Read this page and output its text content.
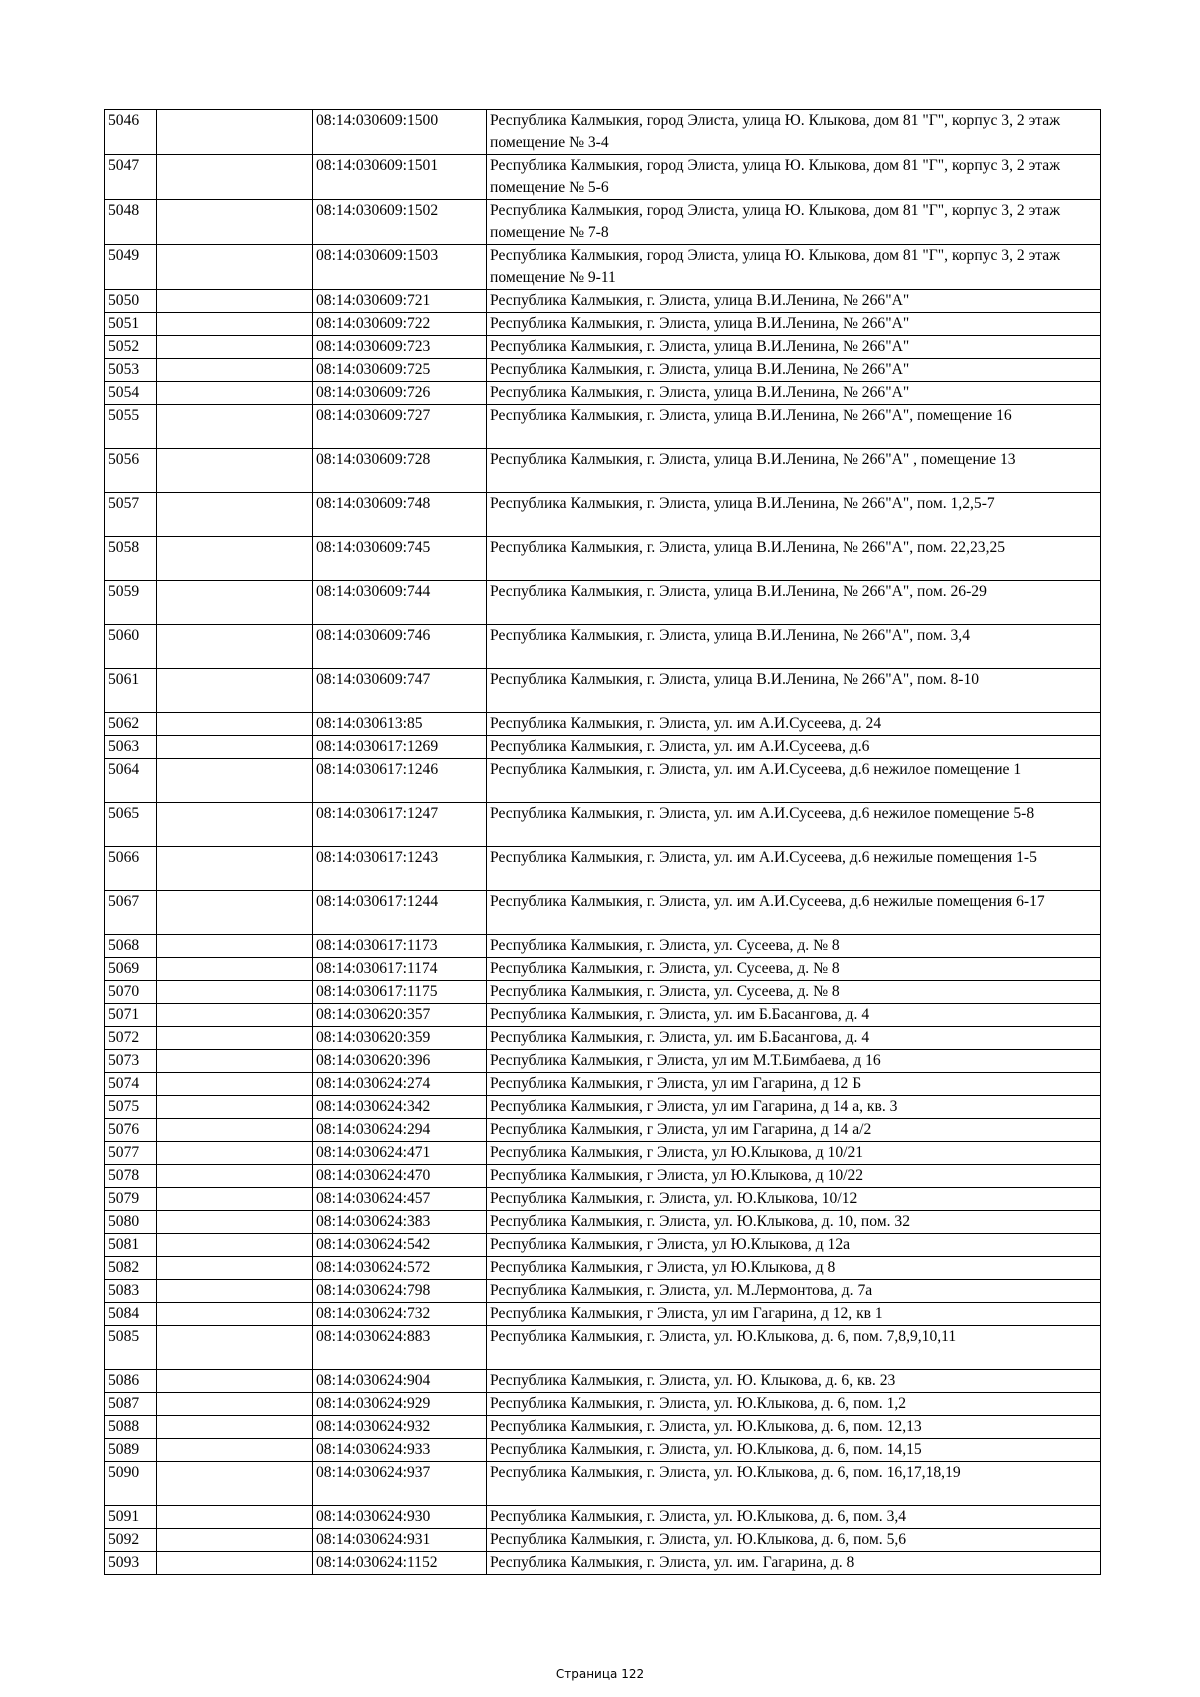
5046		08:14:030609:1500	Республика Калмыкия, город Элиста, улица Ю. Клыкова, дом 81 "Г", корпус 3, 2 этаж помещение № 3-4
5047		08:14:030609:1501	Республика Калмыкия, город Элиста, улица Ю. Клыкова, дом 81 "Г", корпус 3, 2 этаж помещение № 5-6
5048		08:14:030609:1502	Республика Калмыкия, город Элиста, улица Ю. Клыкова, дом 81 "Г", корпус 3, 2 этаж помещение № 7-8
5049		08:14:030609:1503	Республика Калмыкия, город Элиста, улица Ю. Клыкова, дом 81 "Г", корпус 3, 2 этаж помещение № 9-11
5050		08:14:030609:721	Республика Калмыкия, г. Элиста, улица В.И.Ленина, № 266"А"
5051		08:14:030609:722	Республика Калмыкия, г. Элиста, улица В.И.Ленина, № 266"А"
5052		08:14:030609:723	Республика Калмыкия, г. Элиста, улица В.И.Ленина, № 266"А"
5053		08:14:030609:725	Республика Калмыкия, г. Элиста, улица В.И.Ленина, № 266"А"
5054		08:14:030609:726	Республика Калмыкия, г. Элиста, улица В.И.Ленина, № 266"А"
5055		08:14:030609:727	Республика Калмыкия, г. Элиста, улица В.И.Ленина, № 266"А", помещение 16
5056		08:14:030609:728	Республика Калмыкия, г. Элиста, улица В.И.Ленина, № 266"А" , помещение 13
5057		08:14:030609:748	Республика Калмыкия, г. Элиста, улица В.И.Ленина, № 266"А", пом. 1,2,5-7
5058		08:14:030609:745	Республика Калмыкия, г. Элиста, улица В.И.Ленина, № 266"А", пом. 22,23,25
5059		08:14:030609:744	Республика Калмыкия, г. Элиста, улица В.И.Ленина, № 266"А", пом. 26-29
5060		08:14:030609:746	Республика Калмыкия, г. Элиста, улица В.И.Ленина, № 266"А", пом. 3,4
5061		08:14:030609:747	Республика Калмыкия, г. Элиста, улица В.И.Ленина, № 266"А", пом. 8-10
5062		08:14:030613:85	Республика Калмыкия, г. Элиста, ул. им А.И.Сусеева, д. 24
5063		08:14:030617:1269	Республика Калмыкия, г. Элиста, ул. им А.И.Сусеева, д.6
5064		08:14:030617:1246	Республика Калмыкия, г. Элиста, ул. им А.И.Сусеева, д.6 нежилое помещение 1
5065		08:14:030617:1247	Республика Калмыкия, г. Элиста, ул. им А.И.Сусеева, д.6 нежилое помещение 5-8
5066		08:14:030617:1243	Республика Калмыкия, г. Элиста, ул. им А.И.Сусеева, д.6 нежилые помещения 1-5
5067		08:14:030617:1244	Республика Калмыкия, г. Элиста, ул. им А.И.Сусеева, д.6 нежилые помещения 6-17
5068		08:14:030617:1173	Республика Калмыкия, г. Элиста, ул. Сусеева, д. № 8
5069		08:14:030617:1174	Республика Калмыкия, г. Элиста, ул. Сусеева, д. № 8
5070		08:14:030617:1175	Республика Калмыкия, г. Элиста, ул. Сусеева, д. № 8
5071		08:14:030620:357	Республика Калмыкия, г. Элиста, ул. им Б.Басангова, д. 4
5072		08:14:030620:359	Республика Калмыкия, г. Элиста, ул. им Б.Басангова, д. 4
5073		08:14:030620:396	Республика Калмыкия, г Элиста, ул им М.Т.Бимбаева, д 16
5074		08:14:030624:274	Республика Калмыкия, г Элиста, ул им Гагарина, д 12 Б
5075		08:14:030624:342	Республика Калмыкия, г Элиста, ул им Гагарина, д 14 а, кв. 3
5076		08:14:030624:294	Республика Калмыкия, г Элиста, ул им Гагарина, д 14 а/2
5077		08:14:030624:471	Республика Калмыкия, г Элиста, ул Ю.Клыкова, д 10/21
5078		08:14:030624:470	Республика Калмыкия, г Элиста, ул Ю.Клыкова, д 10/22
5079		08:14:030624:457	Республика Калмыкия, г. Элиста, ул. Ю.Клыкова, 10/12
5080		08:14:030624:383	Республика Калмыкия, г. Элиста, ул. Ю.Клыкова, д. 10, пом. 32
5081		08:14:030624:542	Республика Калмыкия, г Элиста, ул Ю.Клыкова, д 12а
5082		08:14:030624:572	Республика Калмыкия, г Элиста, ул Ю.Клыкова, д 8
5083		08:14:030624:798	Республика Калмыкия, г. Элиста, ул. М.Лермонтова, д. 7а
5084		08:14:030624:732	Республика Калмыкия, г Элиста, ул им Гагарина, д 12, кв 1
5085		08:14:030624:883	Республика Калмыкия, г. Элиста, ул. Ю.Клыкова, д. 6, пом. 7,8,9,10,11
5086		08:14:030624:904	Республика Калмыкия, г. Элиста, ул. Ю. Клыкова, д. 6, кв. 23
5087		08:14:030624:929	Республика Калмыкия, г. Элиста, ул. Ю.Клыкова, д. 6, пом. 1,2
5088		08:14:030624:932	Республика Калмыкия, г. Элиста, ул. Ю.Клыкова, д. 6, пом. 12,13
5089		08:14:030624:933	Республика Калмыкия, г. Элиста, ул. Ю.Клыкова, д. 6, пом. 14,15
5090		08:14:030624:937	Республика Калмыкия, г. Элиста, ул. Ю.Клыкова, д. 6, пом. 16,17,18,19
5091		08:14:030624:930	Республика Калмыкия, г. Элиста, ул. Ю.Клыкова, д. 6, пом. 3,4
5092		08:14:030624:931	Республика Калмыкия, г. Элиста, ул. Ю.Клыкова, д. 6, пом. 5,6
5093		08:14:030624:1152	Республика Калмыкия, г. Элиста, ул. им. Гагарина, д. 8
Страница 122
